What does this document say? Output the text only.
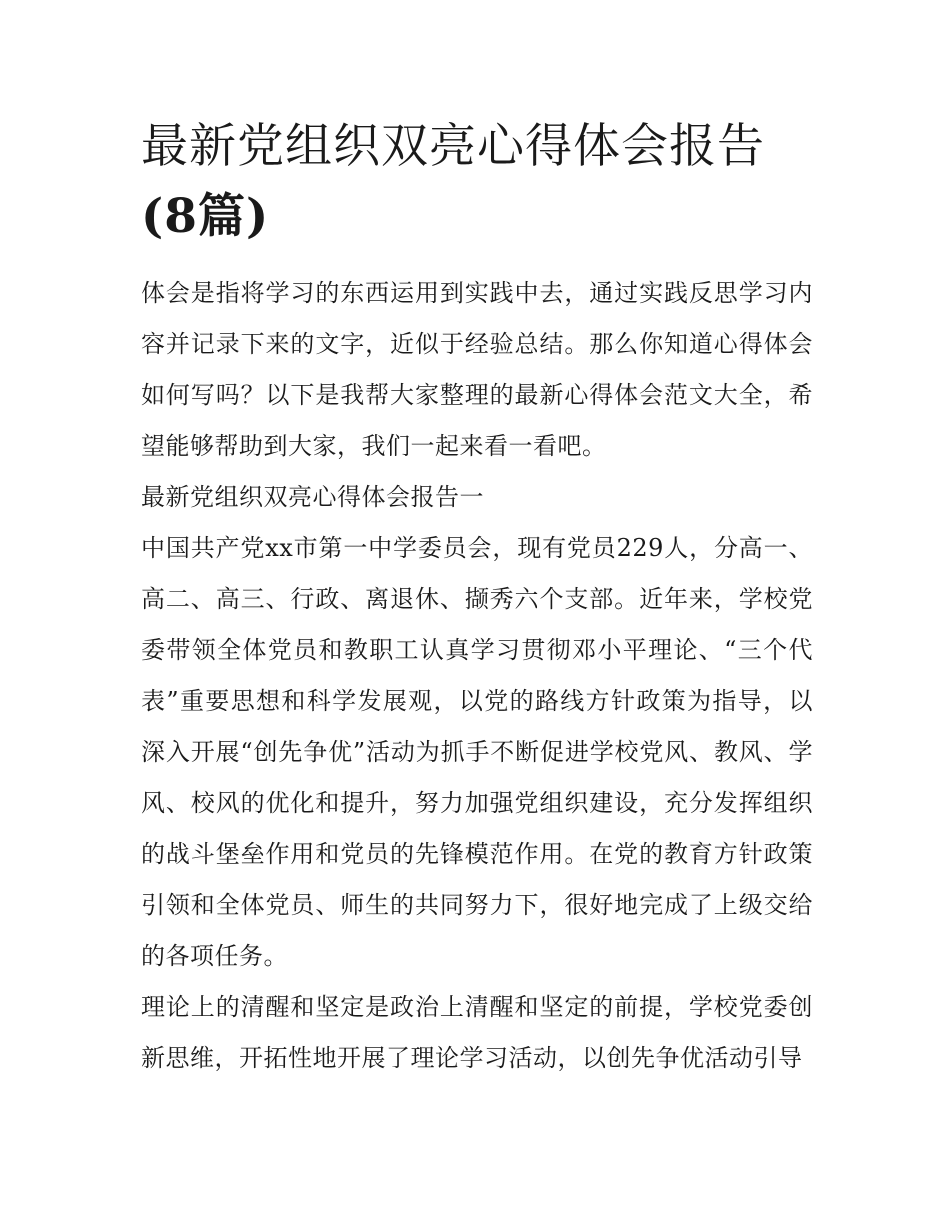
最新党组织双亮心得体会报告
(8篇)

体会是指将学习的东西运用到实践中去，通过实践反思学习内容并记录下来的文字，近似于经验总结。那么你知道心得体会如何写吗？以下是我帮大家整理的最新心得体会范文大全，希望能够帮助到大家，我们一起来看一看吧。

最新党组织双亮心得体会报告一

中国共产党xx市第一中学委员会，现有党员229人，分高一、高二、高三、行政、离退休、撷秀六个支部。近年来，学校党委带领全体党员和教职工认真学习贯彻邓小平理论、“三个代表”重要思想和科学发展观，以党的路线方针政策为指导，以深入开展“创先争优”活动为抓手不断促进学校党风、教风、学风、校风的优化和提升，努力加强党组织建设，充分发挥组织的战斗堡垒作用和党员的先锋模范作用。在党的教育方针政策引领和全体党员、师生的共同努力下，很好地完成了上级交给的各项任务。

理论上的清醒和坚定是政治上清醒和坚定的前提，学校党委创新思维，开拓性地开展了理论学习活动，以创先争优活动引导
